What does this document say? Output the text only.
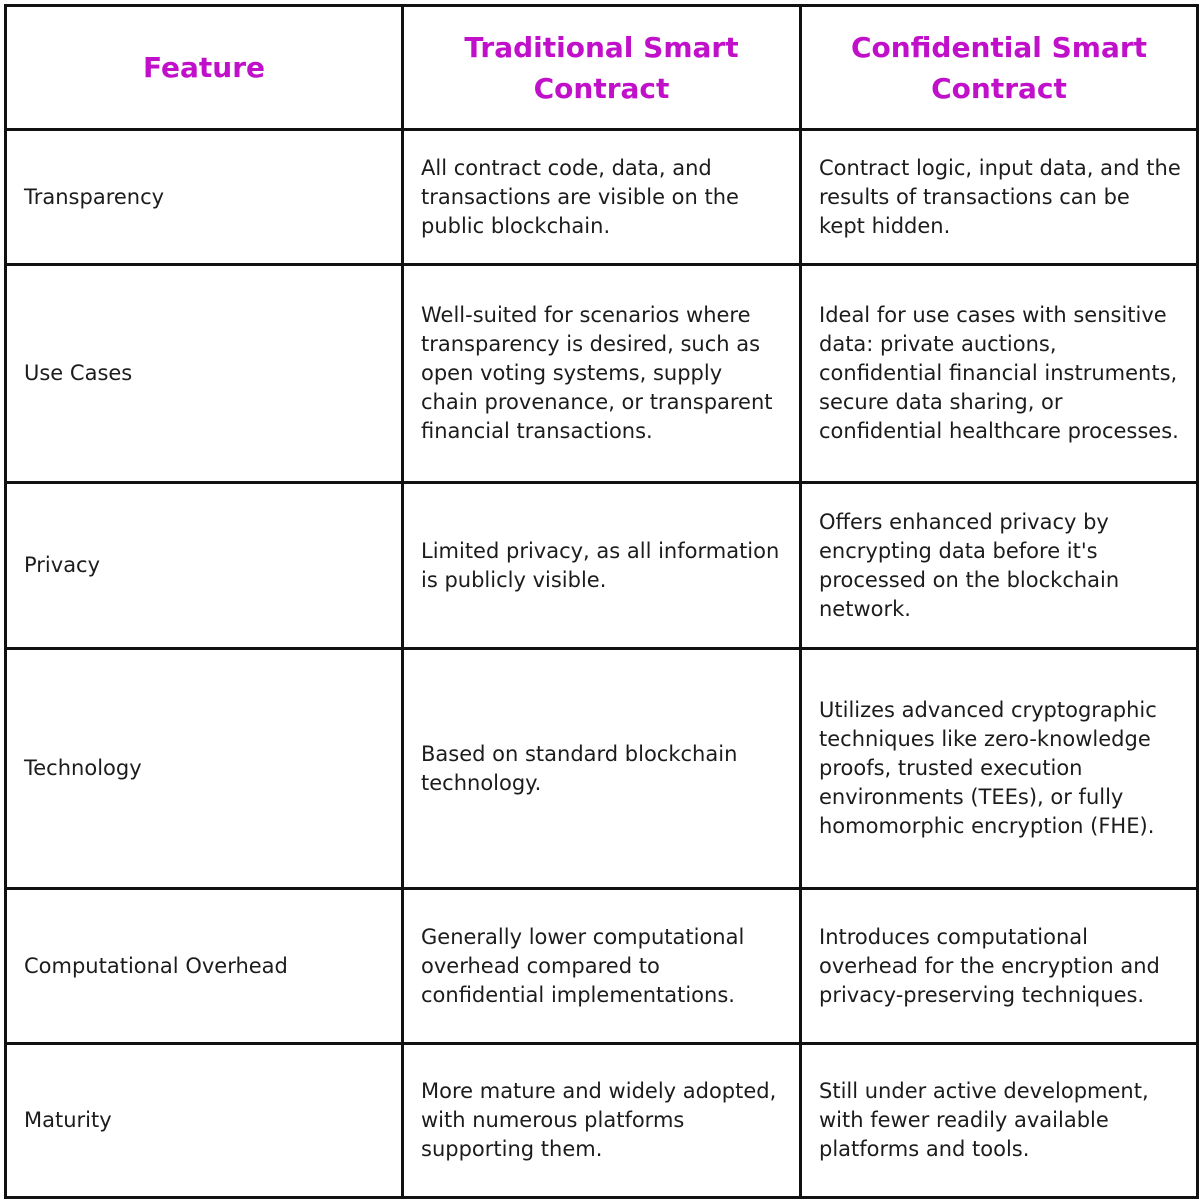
Feature	Traditional Smart Contract	Confidential Smart Contract
Transparency	All contract code, data, and transactions are visible on the public blockchain.	Contract logic, input data, and the results of transactions can be kept hidden.
Use Cases	Well-suited for scenarios where transparency is desired, such as open voting systems, supply chain provenance, or transparent financial transactions.	Ideal for use cases with sensitive data: private auctions, confidential financial instruments, secure data sharing, or confidential healthcare processes.
Privacy	Limited privacy, as all information is publicly visible.	Offers enhanced privacy by encrypting data before it's processed on the blockchain network.
Technology	Based on standard blockchain technology.	Utilizes advanced cryptographic techniques like zero-knowledge proofs, trusted execution environments (TEEs), or fully homomorphic encryption (FHE).
Computational Overhead	Generally lower computational overhead compared to confidential implementations.	Introduces computational overhead for the encryption and privacy-preserving techniques.
Maturity	More mature and widely adopted, with numerous platforms supporting them.	Still under active development, with fewer readily available platforms and tools.
